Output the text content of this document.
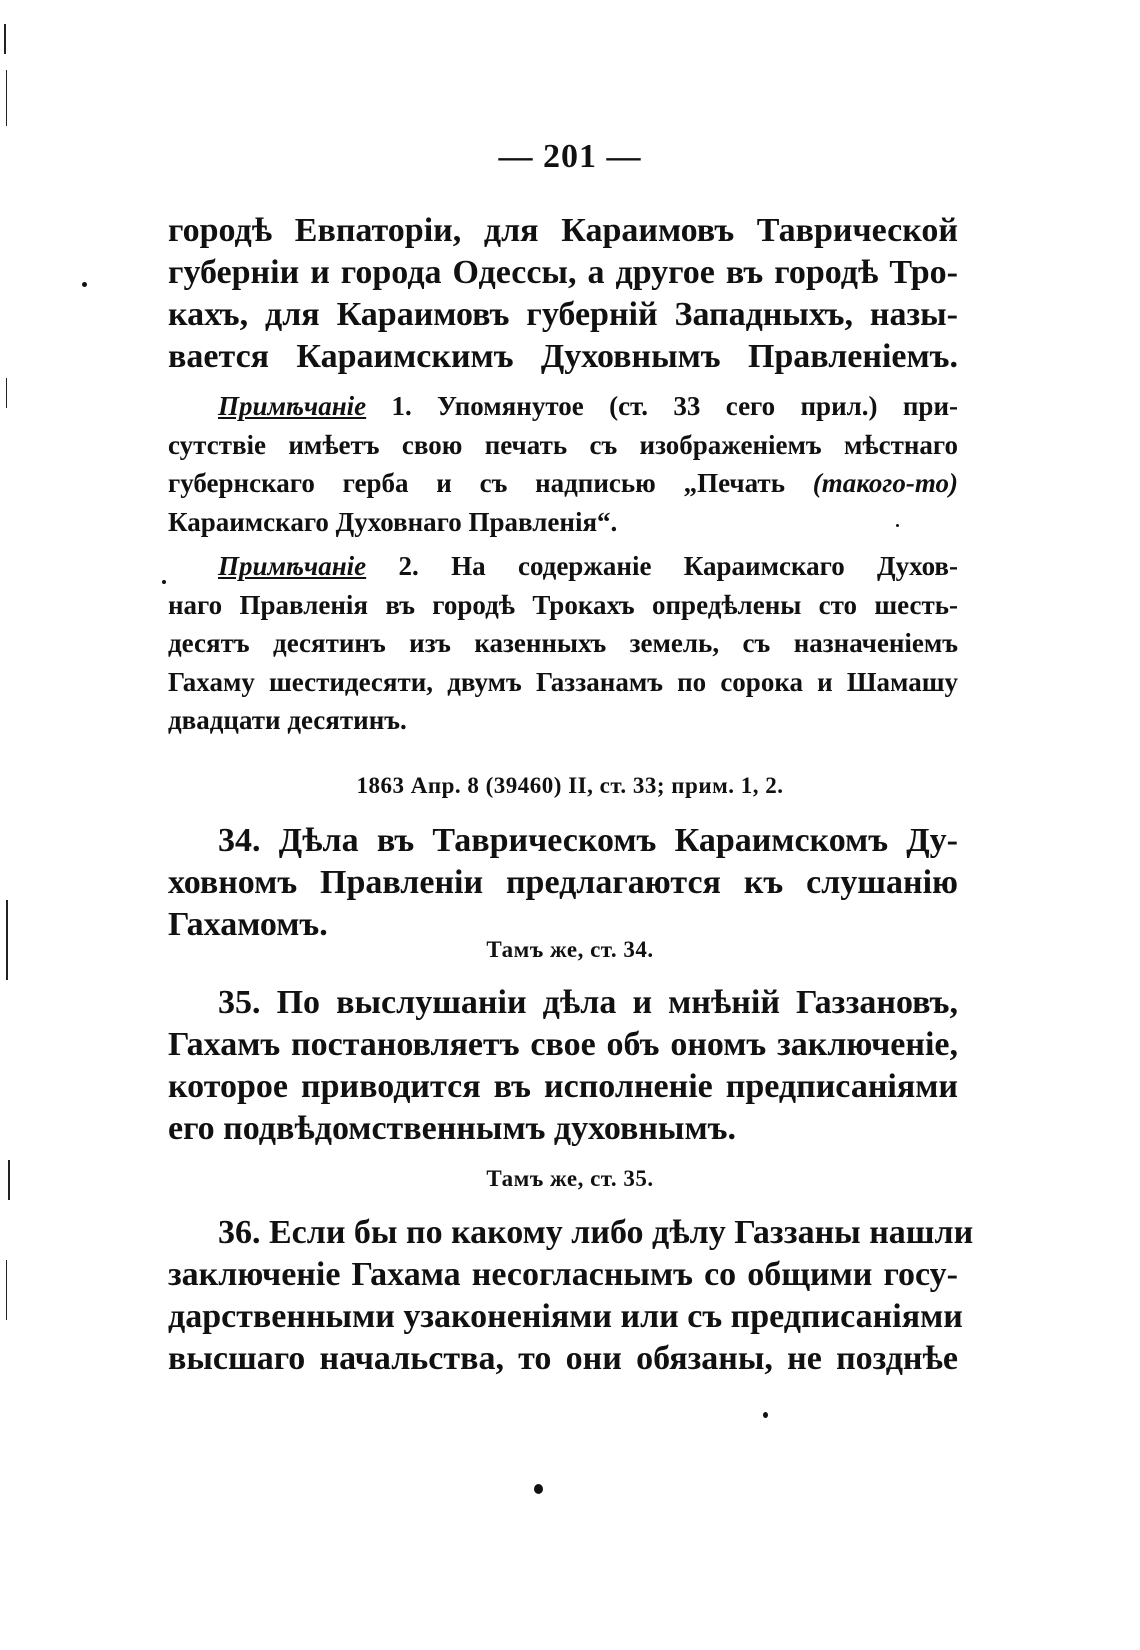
— 201 —
городѣ Евпаторіи, для Караимовъ Таврической
губерніи и города Одессы, а другое въ городѣ Тро-
кахъ, для Караимовъ губерній Западныхъ, назы-
вается Караимскимъ Духовнымъ Правленіемъ.
Примѣчаніе 1. Упомянутое (ст. 33 сего прил.) при-
сутствіе имѣетъ свою печать съ изображеніемъ мѣстнаго
губернскаго герба и съ надписью „Печать (такого-то)
Караимскаго Духовнаго Правленія“.
Примѣчаніе 2. На содержаніе Караимскаго Духов-
наго Правленія въ городѣ Трокахъ опредѣлены сто шесть-
десятъ десятинъ изъ казенныхъ земель, съ назначеніемъ
Гахаму шестидесяти, двумъ Газзанамъ по сорока и Шамашу
двадцати десятинъ.
1863 Апр. 8 (39460) II, ст. 33; прим. 1, 2.
34. Дѣла въ Таврическомъ Караимскомъ Ду-
ховномъ Правленіи предлагаются къ слушанію
Гахамомъ.
Тамъ же, ст. 34.
35. По выслушаніи дѣла и мнѣній Газзановъ,
Гахамъ постановляетъ свое объ ономъ заключеніе,
которое приводится въ исполненіе предписаніями
его подвѣдомственнымъ духовнымъ.
Тамъ же, ст. 35.
36. Если бы по какому либо дѣлу Газзаны нашли
заключеніе Гахама несогласнымъ со общими госу-
дарственными узаконеніями или съ предписаніями
высшаго начальства, то они обязаны, не позднѣе
